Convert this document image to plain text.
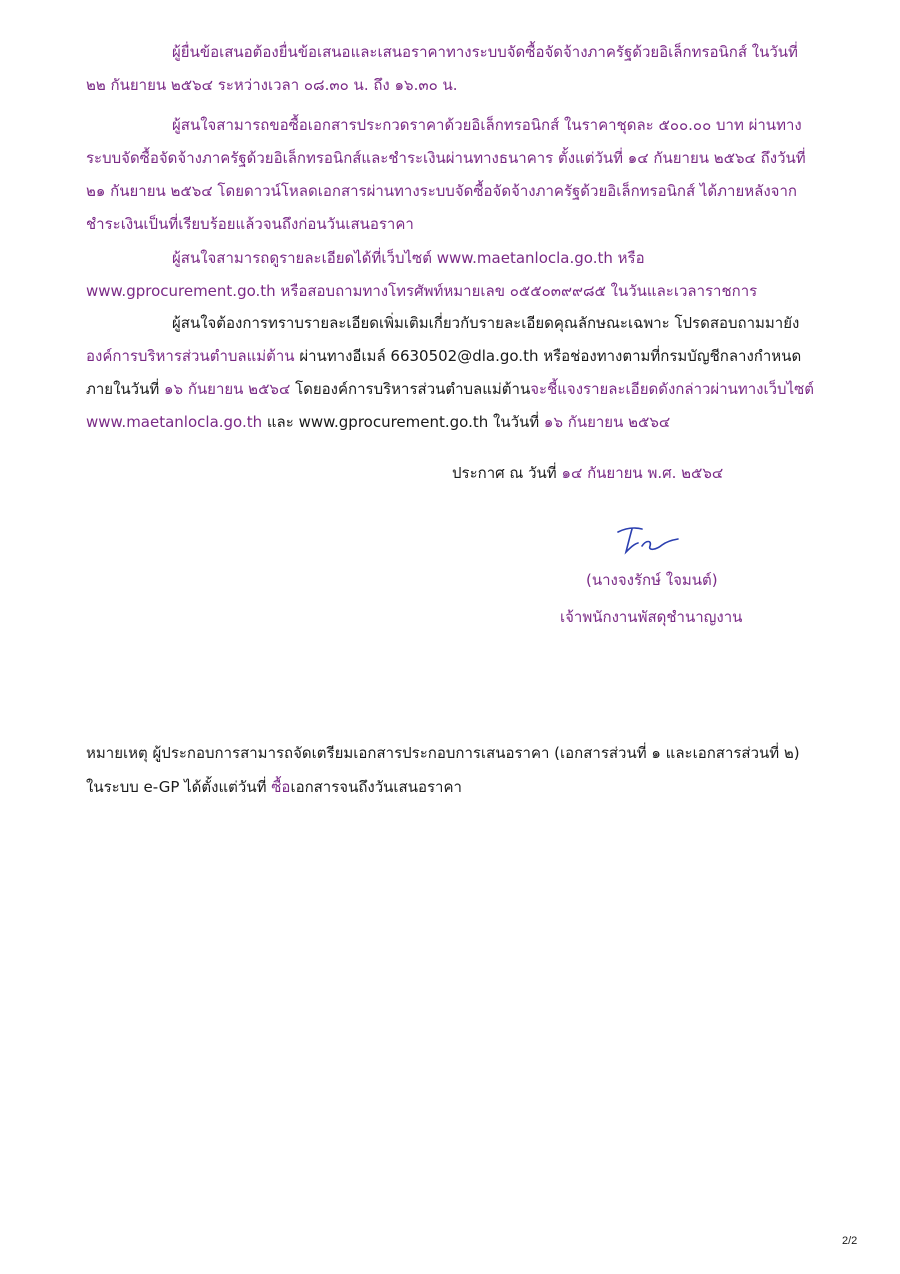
ผู้ยื่นข้อเสนอต้องยื่นข้อเสนอและเสนอราคาทางระบบจัดซื้อจัดจ้างภาครัฐด้วยอิเล็กทรอนิกส์ ในวันที่

๒๒ กันยายน ๒๕๖๔ ระหว่างเวลา ๐๘.๓๐ น. ถึง ๑๖.๓๐ น.

ผู้สนใจสามารถขอซื้อเอกสารประกวดราคาด้วยอิเล็กทรอนิกส์ ในราคาชุดละ ๕๐๐.๐๐ บาท ผ่านทาง

ระบบจัดซื้อจัดจ้างภาครัฐด้วยอิเล็กทรอนิกส์และชำระเงินผ่านทางธนาคาร ตั้งแต่วันที่ ๑๔ กันยายน ๒๕๖๔ ถึงวันที่

๒๑ กันยายน ๒๕๖๔ โดยดาวน์โหลดเอกสารผ่านทางระบบจัดซื้อจัดจ้างภาครัฐด้วยอิเล็กทรอนิกส์ ได้ภายหลังจาก

ชำระเงินเป็นที่เรียบร้อยแล้วจนถึงก่อนวันเสนอราคา

ผู้สนใจสามารถดูรายละเอียดได้ที่เว็บไซต์ www.maetanlocla.go.th หรือ

www.gprocurement.go.th หรือสอบถามทางโทรศัพท์หมายเลข ๐๕๕๐๓๙๙๘๕ ในวันและเวลาราชการ

ผู้สนใจต้องการทราบรายละเอียดเพิ่มเติมเกี่ยวกับรายละเอียดคุณลักษณะเฉพาะ โปรดสอบถามมายัง

องค์การบริหารส่วนตำบลแม่ต้าน ผ่านทางอีเมล์ 6630502@dla.go.th หรือช่องทางตามที่กรมบัญชีกลางกำหนด

ภายในวันที่ ๑๖ กันยายน ๒๕๖๔ โดยองค์การบริหารส่วนตำบลแม่ต้านจะชี้แจงรายละเอียดดังกล่าวผ่านทางเว็บไซต์

www.maetanlocla.go.th และ www.gprocurement.go.th ในวันที่ ๑๖ กันยายน ๒๕๖๔

ประกาศ ณ วันที่ ๑๔ กันยายน พ.ศ. ๒๕๖๔
(นางจงรักษ์ ใจมนต์)
เจ้าพนักงานพัสดุชำนาญงาน
หมายเหตุ ผู้ประกอบการสามารถจัดเตรียมเอกสารประกอบการเสนอราคา (เอกสารส่วนที่ ๑ และเอกสารส่วนที่ ๒)
ในระบบ e-GP ได้ตั้งแต่วันที่ ซื้อเอกสารจนถึงวันเสนอราคา
2/2
